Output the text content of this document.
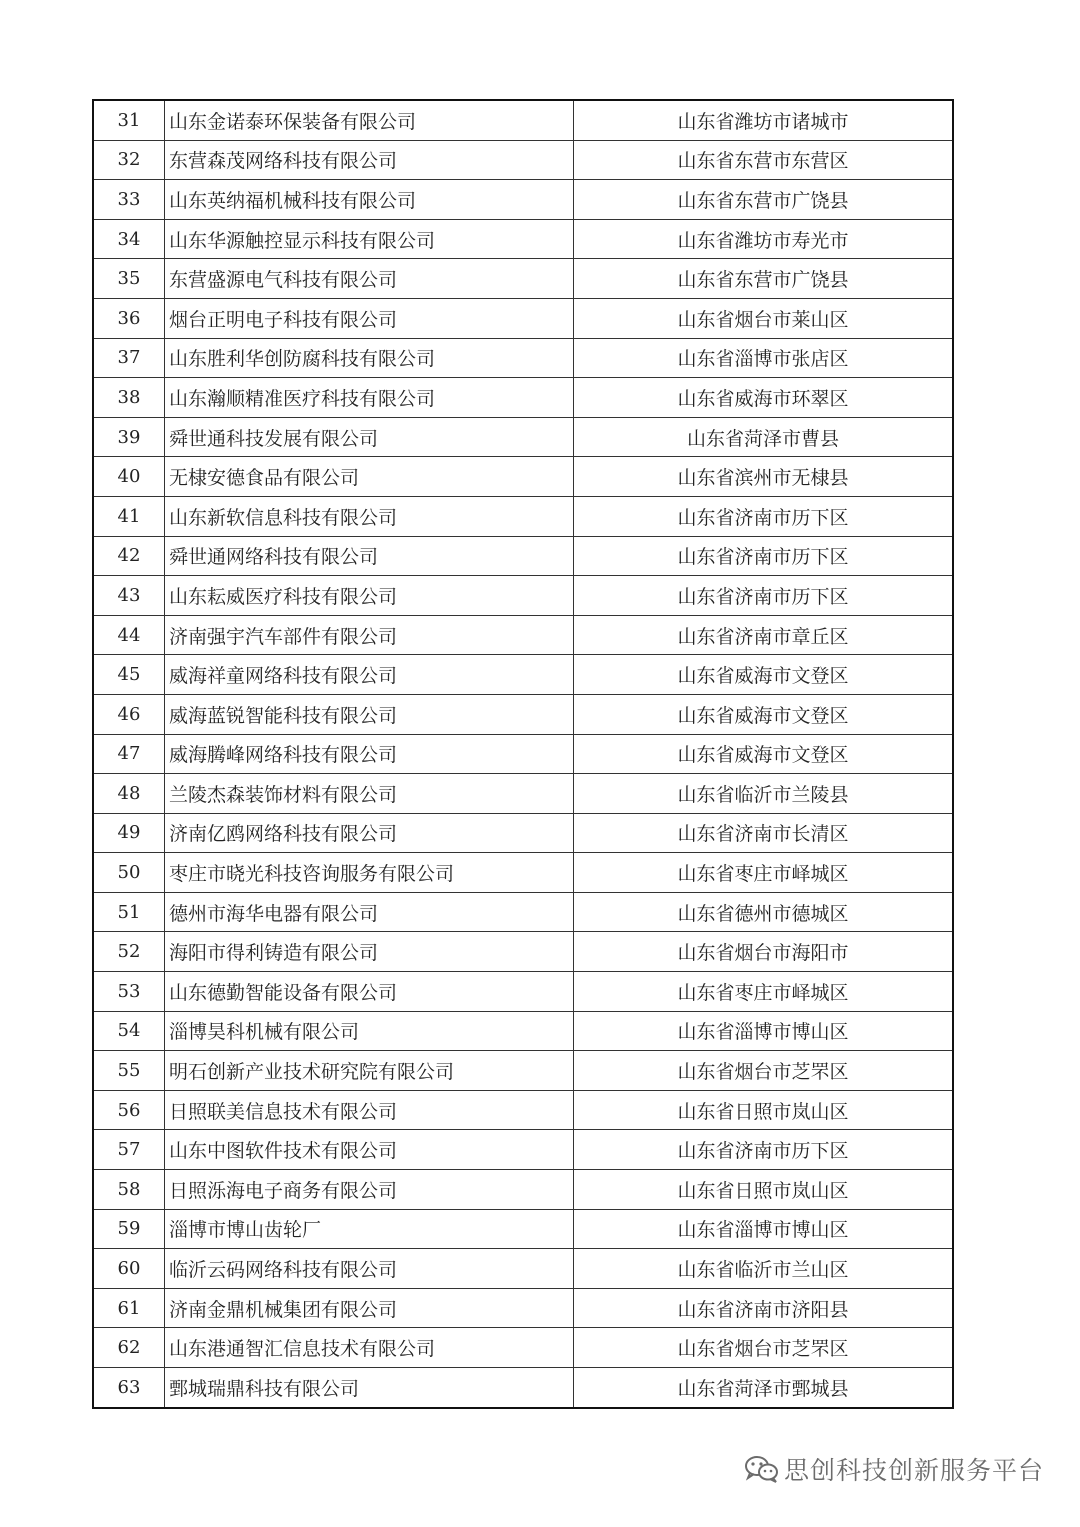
31	山东金诺泰环保装备有限公司	山东省潍坊市诸城市
32	东营森茂网络科技有限公司	山东省东营市东营区
33	山东英纳福机械科技有限公司	山东省东营市广饶县
34	山东华源触控显示科技有限公司	山东省潍坊市寿光市
35	东营盛源电气科技有限公司	山东省东营市广饶县
36	烟台正明电子科技有限公司	山东省烟台市莱山区
37	山东胜利华创防腐科技有限公司	山东省淄博市张店区
38	山东瀚顺精准医疗科技有限公司	山东省威海市环翠区
39	舜世通科技发展有限公司	山东省菏泽市曹县
40	无棣安德食品有限公司	山东省滨州市无棣县
41	山东新软信息科技有限公司	山东省济南市历下区
42	舜世通网络科技有限公司	山东省济南市历下区
43	山东耘威医疗科技有限公司	山东省济南市历下区
44	济南强宇汽车部件有限公司	山东省济南市章丘区
45	威海祥童网络科技有限公司	山东省威海市文登区
46	威海蓝锐智能科技有限公司	山东省威海市文登区
47	威海腾峰网络科技有限公司	山东省威海市文登区
48	兰陵杰森装饰材料有限公司	山东省临沂市兰陵县
49	济南亿鸥网络科技有限公司	山东省济南市长清区
50	枣庄市晓光科技咨询服务有限公司	山东省枣庄市峄城区
51	德州市海华电器有限公司	山东省德州市德城区
52	海阳市得利铸造有限公司	山东省烟台市海阳市
53	山东德勤智能设备有限公司	山东省枣庄市峄城区
54	淄博昊科机械有限公司	山东省淄博市博山区
55	明石创新产业技术研究院有限公司	山东省烟台市芝罘区
56	日照联美信息技术有限公司	山东省日照市岚山区
57	山东中图软件技术有限公司	山东省济南市历下区
58	日照泺海电子商务有限公司	山东省日照市岚山区
59	淄博市博山齿轮厂	山东省淄博市博山区
60	临沂云码网络科技有限公司	山东省临沂市兰山区
61	济南金鼎机械集团有限公司	山东省济南市济阳县
62	山东港通智汇信息技术有限公司	山东省烟台市芝罘区
63	鄄城瑞鼎科技有限公司	山东省菏泽市鄄城县
思创科技创新服务平台
